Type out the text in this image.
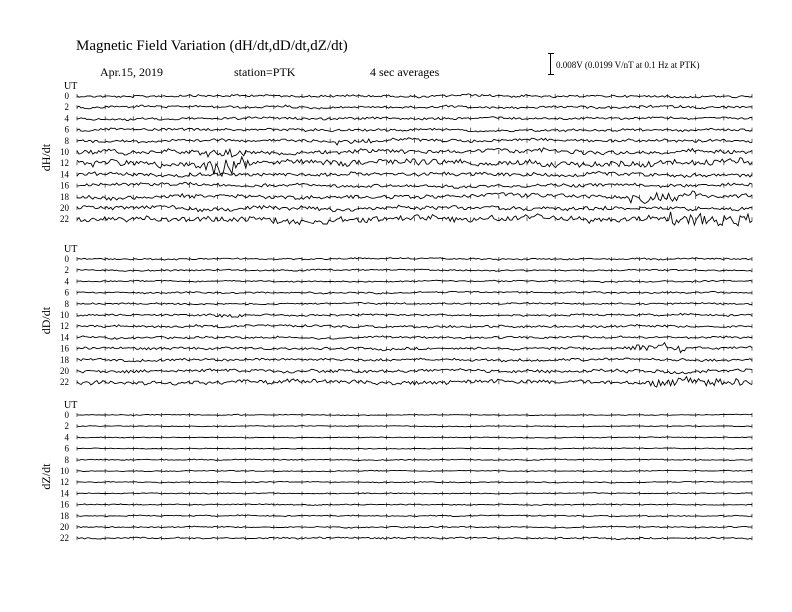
Magnetic Field Variation (dH/dt,dD/dt,dZ/dt)
Apr.15, 2019	station=PTK	4 sec averages	0.008V (0.0199 V/nT at 0.1 Hz at PTK)
dH/dt
UT
0
2
4
6
8
10
12
14
16
18
20
22
dD/dt
UT
0
2
4
6
8
10
12
14
16
18
20
22
dZ/dt
UT
0
2
4
6
8
10
12
14
16
18
20
22
